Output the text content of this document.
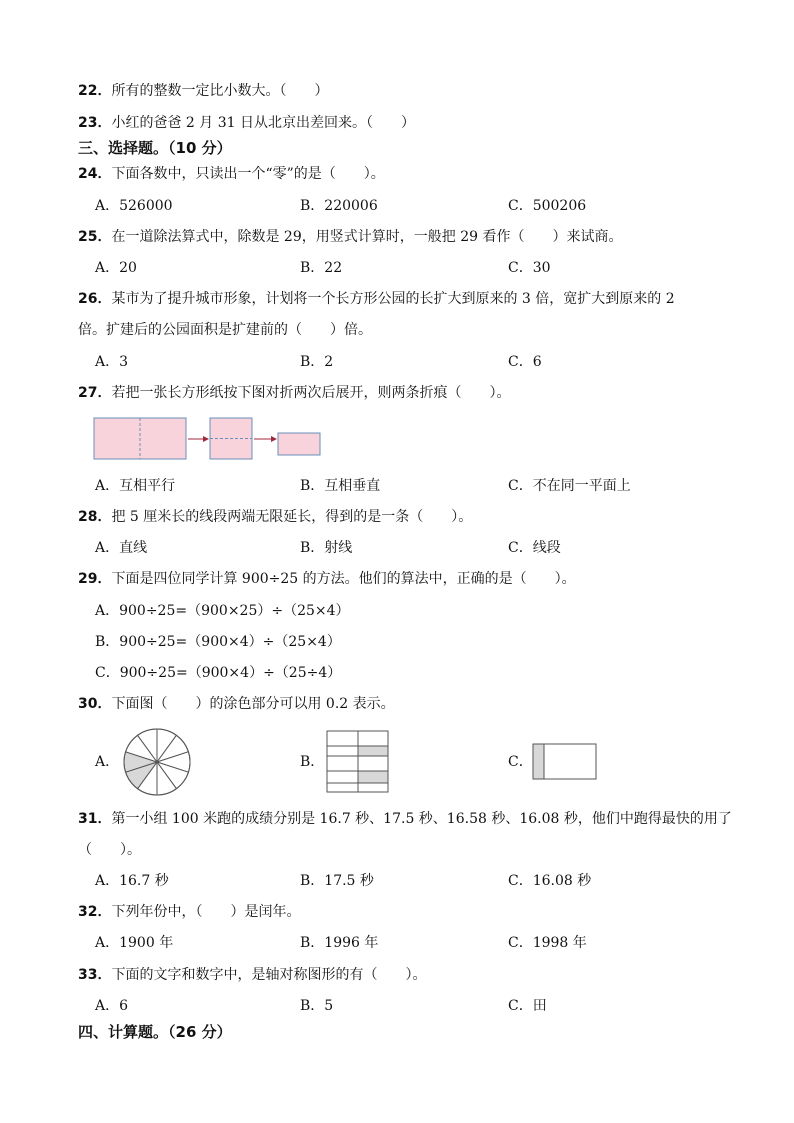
22．所有的整数一定比小数大。（　　）
23．小红的爸爸 2 月 31 日从北京出差回来。（　　）
三、选择题。（10 分）
24．下面各数中，只读出一个“零”的是（　　）。
A．526000	B．220006	C．500206
25．在一道除法算式中，除数是 29，用竖式计算时，一般把 29 看作（　　）来试商。
A．20	B．22	C．30
26．某市为了提升城市形象，计划将一个长方形公园的长扩大到原来的 3 倍，宽扩大到原来的 2
倍。扩建后的公园面积是扩建前的（　　）倍。
A．3	B．2	C．6
27．若把一张长方形纸按下图对折两次后展开，则两条折痕（　　）。
A．互相平行	B．互相垂直	C．不在同一平面上
28．把 5 厘米长的线段两端无限延长，得到的是一条（　　）。
A．直线	B．射线	C．线段
29．下面是四位同学计算 900÷25 的方法。他们的算法中，正确的是（　　）。
A．900÷25=（900×25）÷（25×4）
B．900÷25=（900×4）÷（25×4）
C．900÷25=（900×4）÷（25÷4）
30．下面图（　　）的涂色部分可以用 0.2 表示。
A．	B．	C．
31．第一小组 100 米跑的成绩分别是 16.7 秒、17.5 秒、16.58 秒、16.08 秒，他们中跑得最快的用了
（　　）。
A．16.7 秒	B．17.5 秒	C．16.08 秒
32．下列年份中，（　　）是闰年。
A．1900 年	B．1996 年	C．1998 年
33．下面的文字和数字中，是轴对称图形的有（　　）。
A．6	B．5	C．田
四、计算题。（26 分）
